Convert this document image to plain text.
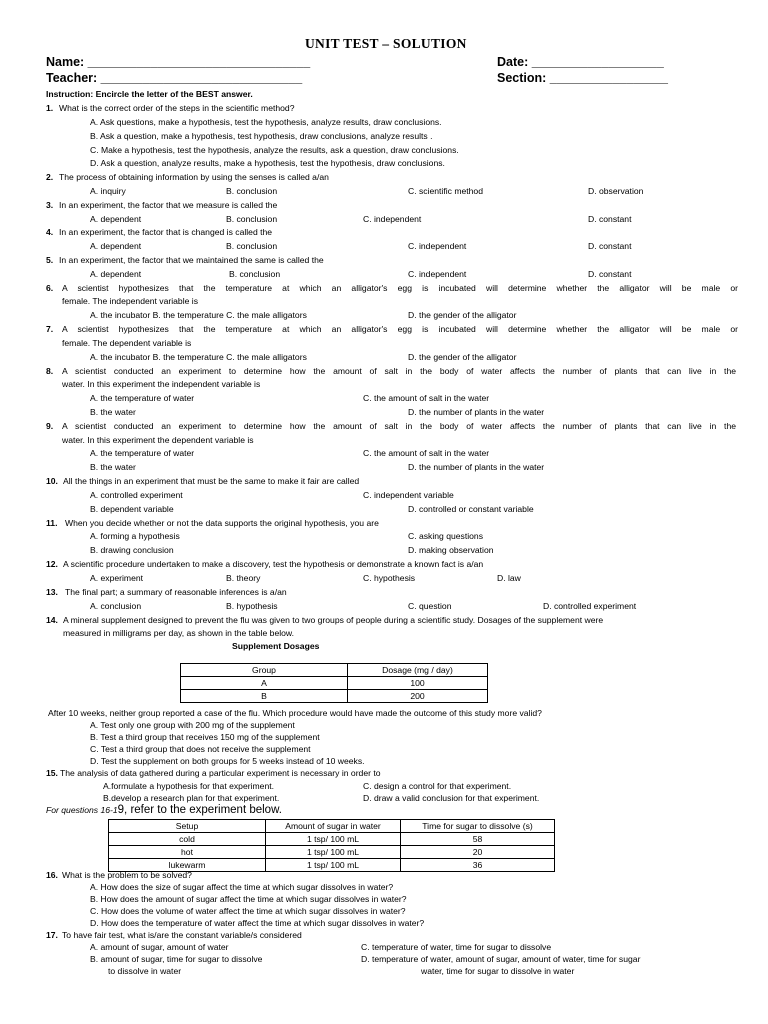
UNIT TEST – SOLUTION
Name: ________________________________	Date: ___________________
Teacher: _____________________________	Section: _________________
Instruction: Encircle the letter of the BEST answer.
1. What is the correct order of the steps in the scientific method?
A. Ask questions, make a hypothesis, test the hypothesis, analyze results, draw conclusions.
B. Ask a question, make a hypothesis, test hypothesis, draw conclusions, analyze results .
C. Make a hypothesis, test the hypothesis, analyze the results, ask a question, draw conclusions.
D. Ask a question, analyze results, make a hypothesis, test the hypothesis, draw conclusions.
2. The process of obtaining information by using the senses is called a/an
A. inquiry	B. conclusion	C. scientific method	D. observation
3. In an experiment, the factor that we measure is called the
A. dependent	B. conclusion	C. independent	D. constant
4. In an experiment, the factor that is changed is called the
A. dependent	B. conclusion	C. independent	D. constant
5. In an experiment, the factor that we maintained the same is called the
A. dependent	B. conclusion	C. independent	D. constant
6. A scientist hypothesizes that the temperature at which an alligator's egg is incubated will determine whether the alligator will be male or
female. The independent variable is
A. the incubator B. the temperature C. the male alligators	D. the gender of the alligator
7. A scientist hypothesizes that the temperature at which an alligator's egg is incubated will determine whether the alligator will be male or
female. The dependent variable is
A. the incubator B. the temperature C. the male alligators	D. the gender of the alligator
8. A scientist conducted an experiment to determine how the amount of salt in the body of water affects the number of plants that can live in the
water. In this experiment the independent variable is
A. the temperature of water	C. the amount of salt in the water
B. the water	D. the number of plants in the water
9. A scientist conducted an experiment to determine how the amount of salt in the body of water affects the number of plants that can live in the
water. In this experiment the dependent variable is
A. the temperature of water	C. the amount of salt in the water
B. the water	D. the number of plants in the water
10. All the things in an experiment that must be the same to make it fair are called
A. controlled experiment	C. independent variable
B. dependent variable	D. controlled or constant variable
11. When you decide whether or not the data supports the original hypothesis, you are
A. forming a hypothesis	C. asking questions
B. drawing conclusion	D. making observation
12. A scientific procedure undertaken to make a discovery, test the hypothesis or demonstrate a known fact is a/an
A. experiment	B. theory	C. hypothesis	D. law
13. The final part; a summary of reasonable inferences is a/an
A. conclusion	B. hypothesis	C. question	D. controlled experiment
14. A mineral supplement designed to prevent the flu was given to two groups of people during a scientific study. Dosages of the supplement were
measured in milligrams per day, as shown in the table below.
Supplement Dosages
Group	Dosage (mg / day)
A	100
B	200
After 10 weeks, neither group reported a case of the flu. Which procedure would have made the outcome of this study more valid?
A. Test only one group with 200 mg of the supplement
B. Test a third group that receives 150 mg of the supplement
C. Test a third group that does not receive the supplement
D. Test the supplement on both groups for 5 weeks instead of 10 weeks.
15. The analysis of data gathered during a particular experiment is necessary in order to
A.formulate a hypothesis for that experiment.	C. design a control for that experiment.
B.develop a research plan for that experiment.	D. draw a valid conclusion for that experiment.
For questions 16-19, refer to the experiment below.
Setup	Amount of sugar in water	Time for sugar to dissolve (s)
cold	1 tsp/ 100 mL	58
hot	1 tsp/ 100 mL	20
lukewarm	1 tsp/ 100 mL	36
16. What is the problem to be solved?
A. How does the size of sugar affect the time at which sugar dissolves in water?
B. How does the amount of sugar affect the time at which sugar dissolves in water?
C. How does the volume of water affect the time at which sugar dissolves in water?
D. How does the temperature of water affect the time at which sugar dissolves in water?
17. To have fair test, what is/are the constant variable/s considered
A. amount of sugar, amount of water	C. temperature of water, time for sugar to dissolve
B. amount of sugar, time for sugar to dissolve	D. temperature of water, amount of sugar, amount of water, time for sugar
to dissolve in water	water, time for sugar to dissolve in water
